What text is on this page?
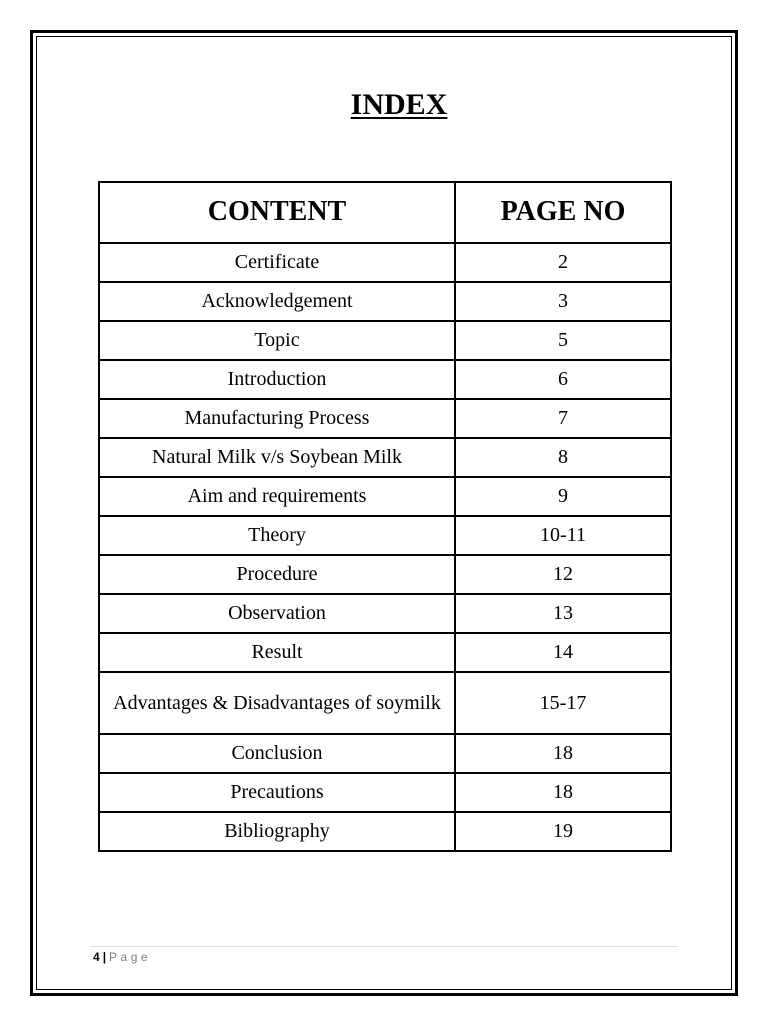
INDEX
CONTENT	PAGE NO
Certificate	2
Acknowledgement	3
Topic	5
Introduction	6
Manufacturing Process	7
Natural Milk v/s Soybean Milk	8
Aim and requirements	9
Theory	10-11
Procedure	12
Observation	13
Result	14
Advantages & Disadvantages of soymilk	15-17
Conclusion	18
Precautions	18
Bibliography	19
4 | Page
